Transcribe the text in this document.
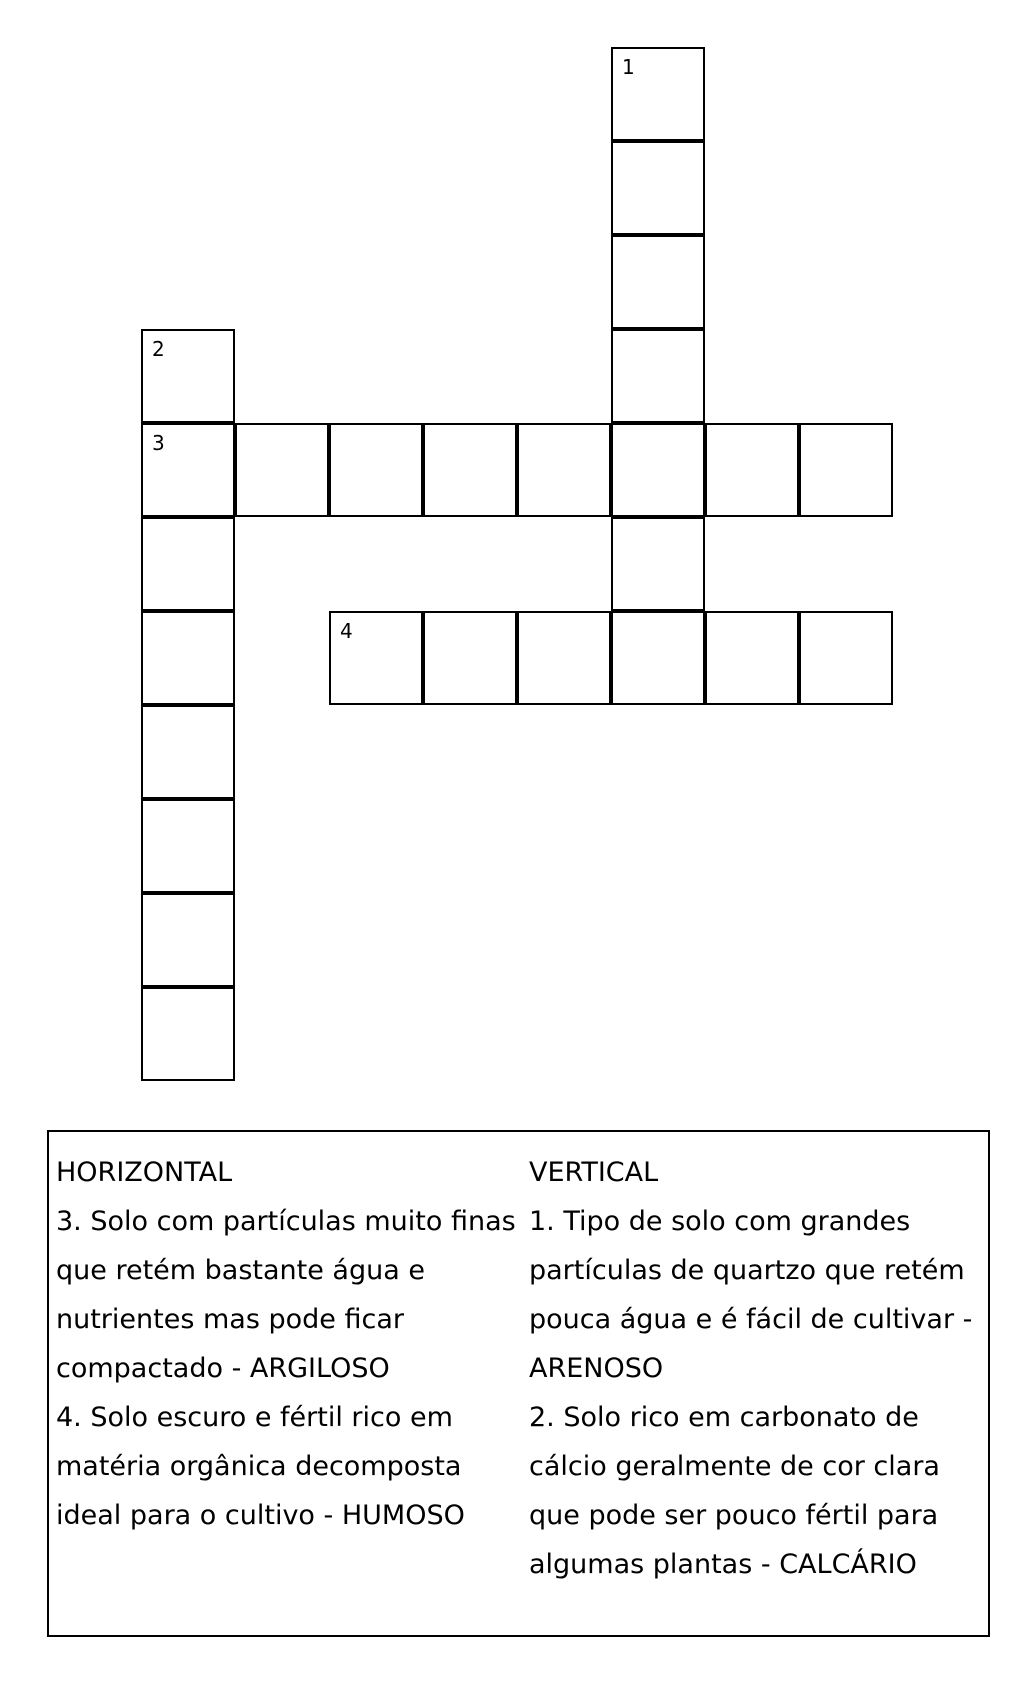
1
2
3
4
HORIZONTAL
3. Solo com partículas muito finas
que retém bastante água e
nutrientes mas pode ficar
compactado - ARGILOSO
4. Solo escuro e fértil rico em
matéria orgânica decomposta
ideal para o cultivo - HUMOSO
VERTICAL
1. Tipo de solo com grandes
partículas de quartzo que retém
pouca água e é fácil de cultivar -
ARENOSO
2. Solo rico em carbonato de
cálcio geralmente de cor clara
que pode ser pouco fértil para
algumas plantas - CALCÁRIO
